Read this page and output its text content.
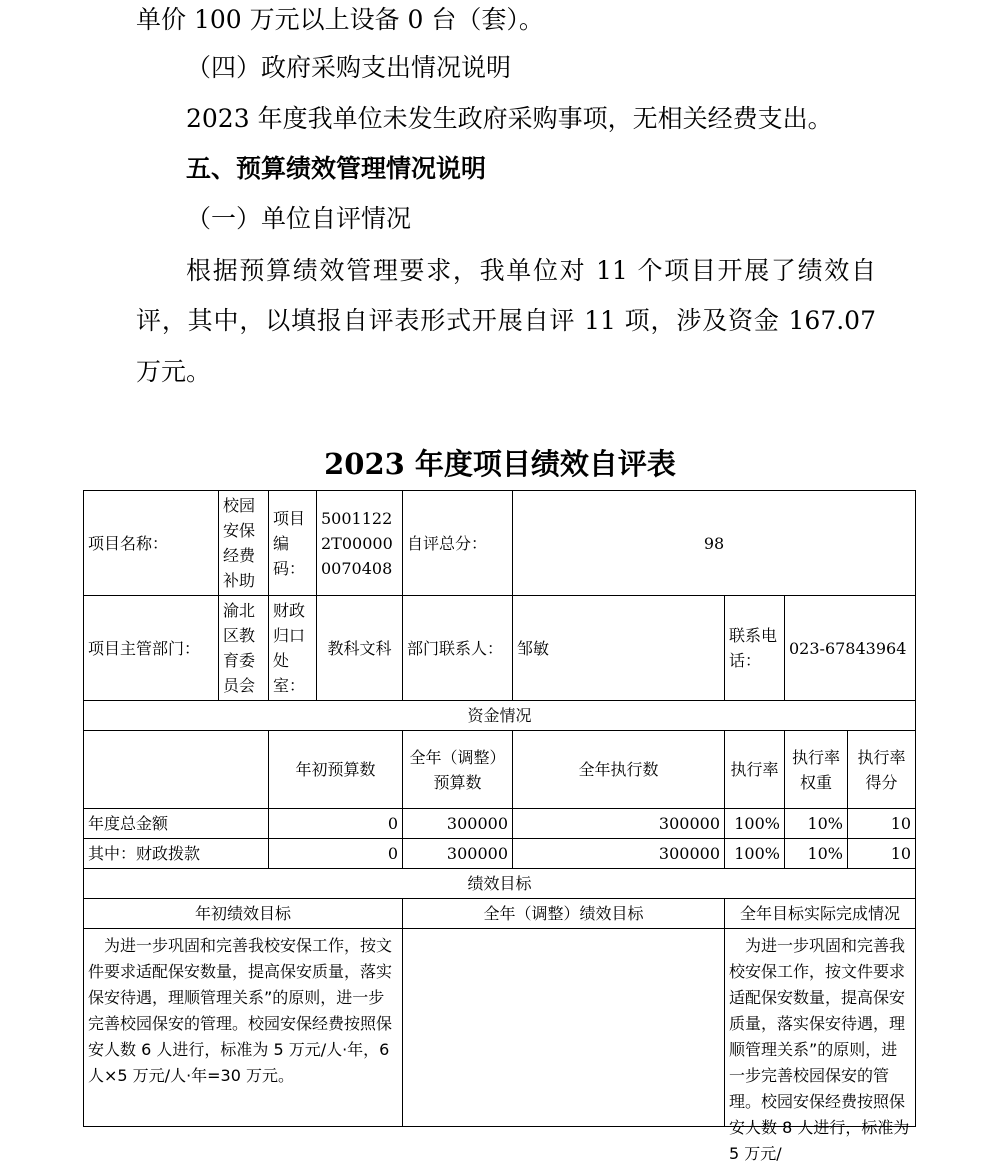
单价 100 万元以上设备 0 台（套）。
（四）政府采购支出情况说明
2023 年度我单位未发生政府采购事项，无相关经费支出。
五、预算绩效管理情况说明
（一）单位自评情况
根据预算绩效管理要求，我单位对 11 个项目开展了绩效自
评，其中，以填报自评表形式开展自评 11 项，涉及资金 167.07
万元。
2023 年度项目绩效自评表
项目名称：	校园安保经费补助	项目编码：	50011222T000000070408	自评总分：	98			
项目主管部门：	渝北区教育委员会	财政归口处室：	教科文科	部门联系人：	邹敏	联系电话：	023-67843964	
资金情况								
		年初预算数		全年（调整）预算数	全年执行数	执行率	执行率权重	执行率得分
年度总金额		0		300000	300000	100%	10%	10
其中：财政拨款		0		300000	300000	100%	10%	10
绩效目标								
年初绩效目标				全年（调整）绩效目标		全年目标实际完成情况		

为进一步巩固和完善我校安保工作，按文件要求适配保安数量，提高保安质量，落实保安待遇，理顺管理关系”的原则，进一步完善校园保安的管理。校园安保经费按照保安人数 6 人进行，标准为 5 万元/人·年，6 人×5 万元/人·年=30 万元。						为进一步巩固和完善我校安保工作，按文件要求适配保安数量，提高保安质量，落实保安待遇，理顺管理关系”的原则，进一步完善校园保安的管理。校园安保经费按照保安人数 8 人进行，标准为 5 万元/		
